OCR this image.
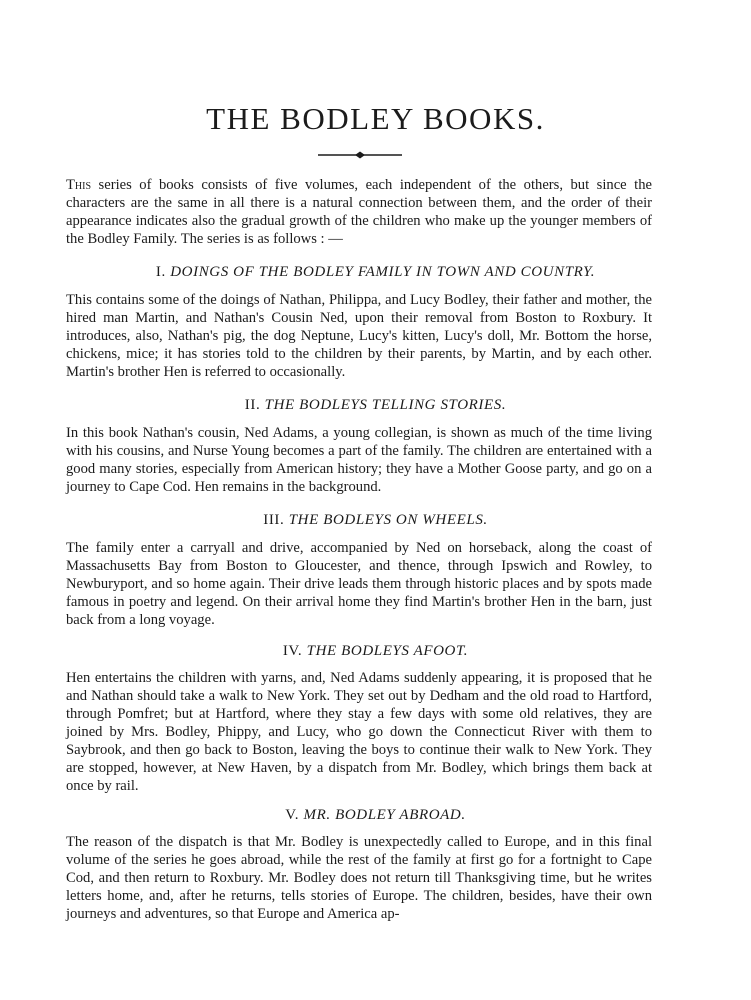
THE BODLEY BOOKS.

This series of books consists of five volumes, each independent of the others, but since the characters are the same in all there is a natural connection between them, and the order of their appearance indicates also the gradual growth of the children who make up the younger members of the Bodley Family. The series is as follows : —

I. DOINGS OF THE BODLEY FAMILY IN TOWN AND COUNTRY.

This contains some of the doings of Nathan, Philippa, and Lucy Bodley, their father and mother, the hired man Martin, and Nathan's Cousin Ned, upon their removal from Boston to Roxbury. It introduces, also, Nathan's pig, the dog Neptune, Lucy's kitten, Lucy's doll, Mr. Bottom the horse, chickens, mice; it has stories told to the children by their parents, by Martin, and by each other. Martin's brother Hen is referred to occasionally.

II. THE BODLEYS TELLING STORIES.

In this book Nathan's cousin, Ned Adams, a young collegian, is shown as much of the time living with his cousins, and Nurse Young becomes a part of the family. The children are entertained with a good many stories, especially from American history; they have a Mother Goose party, and go on a journey to Cape Cod. Hen remains in the background.

III. THE BODLEYS ON WHEELS.

The family enter a carryall and drive, accompanied by Ned on horseback, along the coast of Massachusetts Bay from Boston to Gloucester, and thence, through Ipswich and Rowley, to Newburyport, and so home again. Their drive leads them through historic places and by spots made famous in poetry and legend. On their arrival home they find Martin's brother Hen in the barn, just back from a long voyage.

IV. THE BODLEYS AFOOT.

Hen entertains the children with yarns, and, Ned Adams suddenly appearing, it is proposed that he and Nathan should take a walk to New York. They set out by Dedham and the old road to Hartford, through Pomfret; but at Hartford, where they stay a few days with some old relatives, they are joined by Mrs. Bodley, Phippy, and Lucy, who go down the Connecticut River with them to Saybrook, and then go back to Boston, leaving the boys to continue their walk to New York. They are stopped, however, at New Haven, by a dispatch from Mr. Bodley, which brings them back at once by rail.

V. MR. BODLEY ABROAD.

The reason of the dispatch is that Mr. Bodley is unexpectedly called to Europe, and in this final volume of the series he goes abroad, while the rest of the family at first go for a fortnight to Cape Cod, and then return to Roxbury. Mr. Bodley does not return till Thanksgiving time, but he writes letters home, and, after he returns, tells stories of Europe. The children, besides, have their own journeys and adventures, so that Europe and America ap-
